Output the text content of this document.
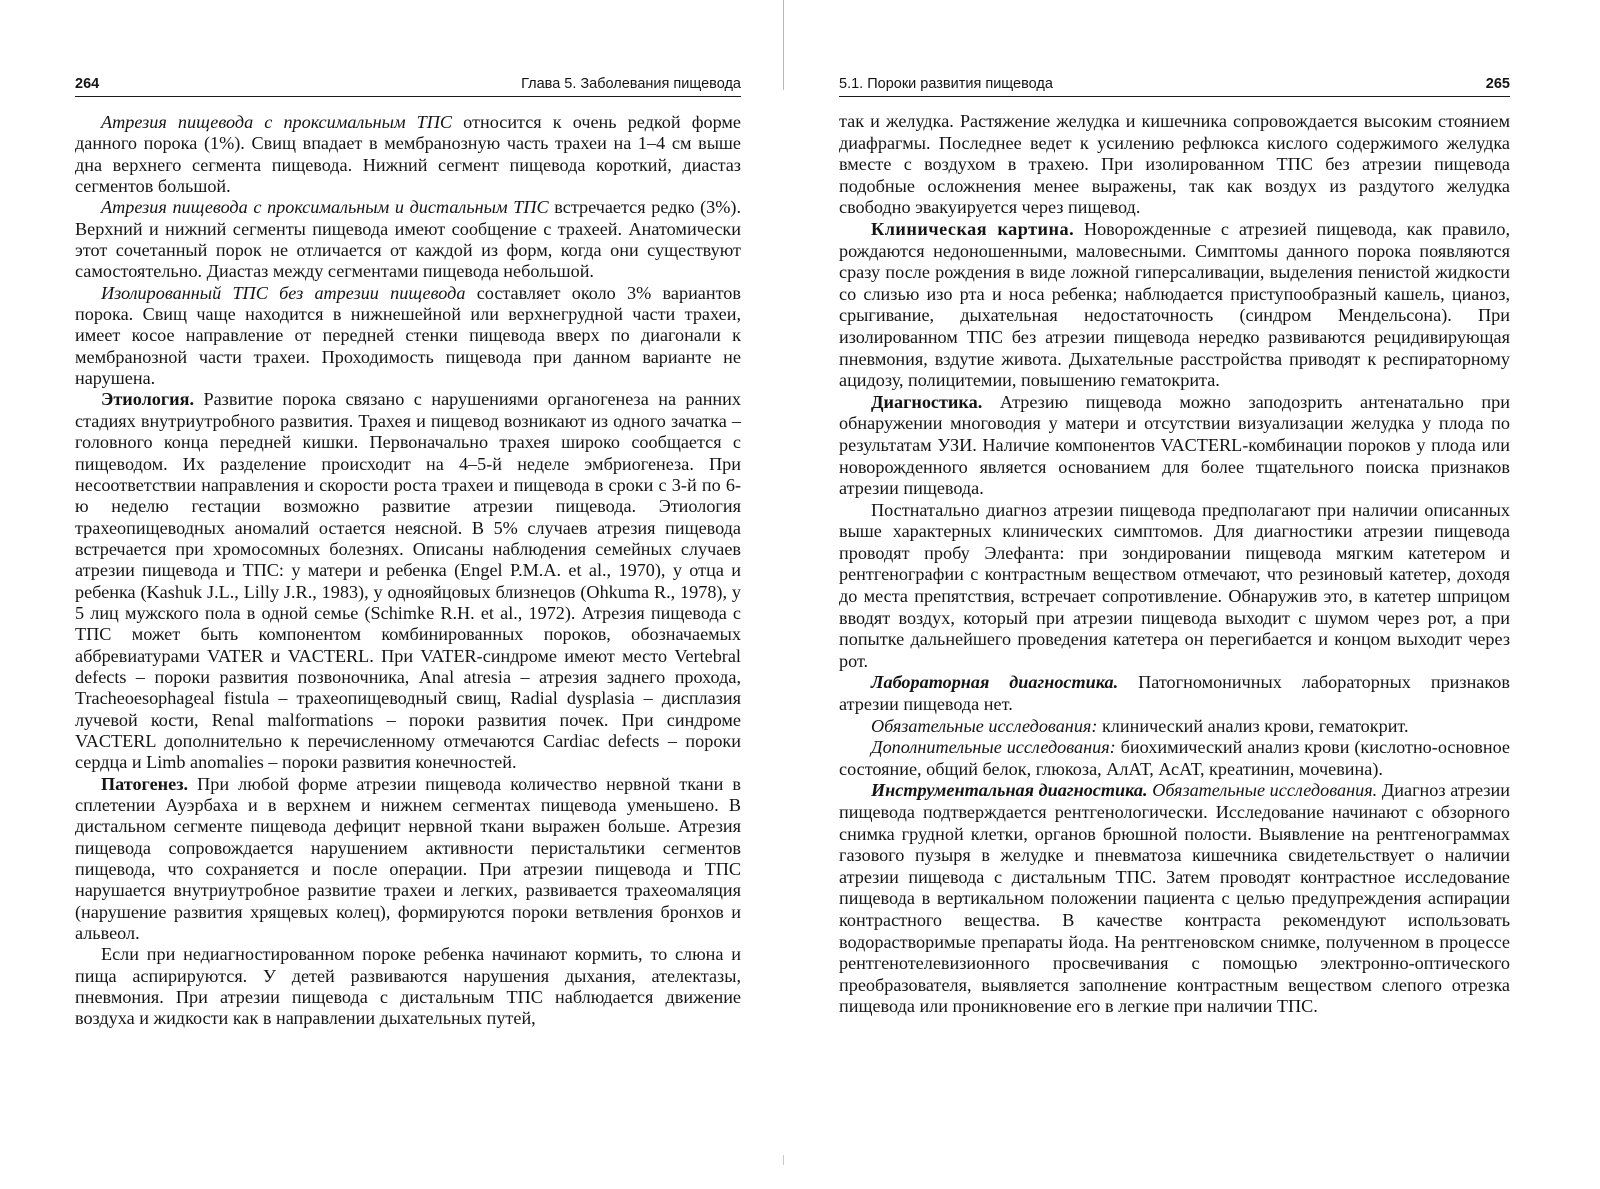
264	Глава 5. Заболевания пищевода

Атрезия пищевода с проксимальным ТПС относится к очень редкой форме данного порока (1%). Свищ впадает в мембранозную часть трахеи на 1–4 см выше дна верхнего сегмента пищевода. Нижний сегмент пищевода короткий, диастаз сегментов большой.

Атрезия пищевода с проксимальным и дистальным ТПС встречается редко (3%). Верхний и нижний сегменты пищевода имеют сообщение с трахеей. Анатомически этот сочетанный порок не отличается от каждой из форм, когда они существуют самостоятельно. Диастаз между сегментами пищевода небольшой.

Изолированный ТПС без атрезии пищевода составляет около 3% вариантов порока. Свищ чаще находится в нижнешейной или верхнегрудной части трахеи, имеет косое направление от передней стенки пищевода вверх по диагонали к мембранозной части трахеи. Проходимость пищевода при данном варианте не нарушена.

Этиология. Развитие порока связано с нарушениями органогенеза на ранних стадиях внутриутробного развития. Трахея и пищевод возникают из одного зачатка – головного конца передней кишки. Первоначально трахея широко сообщается с пищеводом. Их разделение происходит на 4–5-й неделе эмбриогенеза. При несоответствии направления и скорости роста трахеи и пищевода в сроки с 3-й по 6-ю неделю гестации возможно развитие атрезии пищевода. Этиология трахеопищеводных аномалий остается неясной. В 5% случаев атрезия пищевода встречается при хромосомных болезнях. Описаны наблюдения семейных случаев атрезии пищевода и ТПС: у матери и ребенка (Engel P.M.A. et al., 1970), у отца и ребенка (Kashuk J.L., Lilly J.R., 1983), у однояйцовых близнецов (Ohkuma R., 1978), у 5 лиц мужского пола в одной семье (Schimke R.H. et al., 1972). Атрезия пищевода с ТПС может быть компонентом комбинированных пороков, обозначаемых аббревиатурами VATER и VACTERL. При VATER-синдроме имеют место Vertebral defects – пороки развития позвоночника, Anal atresia – атрезия заднего прохода, Tracheoesophageal fistula – трахеопищеводный свищ, Radial dysplasia – дисплазия лучевой кости, Renal malformations – пороки развития почек. При синдроме VACTERL дополнительно к перечисленному отмечаются Cardiac defects – пороки сердца и Limb anomalies – пороки развития конечностей.

Патогенез. При любой форме атрезии пищевода количество нервной ткани в сплетении Ауэрбаха и в верхнем и нижнем сегментах пищевода уменьшено. В дистальном сегменте пищевода дефицит нервной ткани выражен больше. Атрезия пищевода сопровождается нарушением активности перистальтики сегментов пищевода, что сохраняется и после операции. При атрезии пищевода и ТПС нарушается внутриутробное развитие трахеи и легких, развивается трахеомаляция (нарушение развития хрящевых колец), формируются пороки ветвления бронхов и альвеол.

Если при недиагностированном пороке ребенка начинают кормить, то слюна и пища аспирируются. У детей развиваются нарушения дыхания, ателектазы, пневмония. При атрезии пищевода с дистальным ТПС наблюдается движение воздуха и жидкости как в направлении дыхательных путей,

5.1. Пороки развития пищевода	265

так и желудка. Растяжение желудка и кишечника сопровождается высоким стоянием диафрагмы. Последнее ведет к усилению рефлюкса кислого содержимого желудка вместе с воздухом в трахею. При изолированном ТПС без атрезии пищевода подобные осложнения менее выражены, так как воздух из раздутого желудка свободно эвакуируется через пищевод.

Клиническая картина. Новорожденные с атрезией пищевода, как правило, рождаются недоношенными, маловесными. Симптомы данного порока появляются сразу после рождения в виде ложной гиперсаливации, выделения пенистой жидкости со слизью изо рта и носа ребенка; наблюдается приступообразный кашель, цианоз, срыгивание, дыхательная недостаточность (синдром Мендельсона). При изолированном ТПС без атрезии пищевода нередко развиваются рецидивирующая пневмония, вздутие живота. Дыхательные расстройства приводят к респираторному ацидозу, полицитемии, повышению гематокрита.

Диагностика. Атрезию пищевода можно заподозрить антенатально при обнаружении многоводия у матери и отсутствии визуализации желудка у плода по результатам УЗИ. Наличие компонентов VACTERL-комбинации пороков у плода или новорожденного является основанием для более тщательного поиска признаков атрезии пищевода.

Постнатально диагноз атрезии пищевода предполагают при наличии описанных выше характерных клинических симптомов. Для диагностики атрезии пищевода проводят пробу Элефанта: при зондировании пищевода мягким катетером и рентгенографии с контрастным веществом отмечают, что резиновый катетер, доходя до места препятствия, встречает сопротивление. Обнаружив это, в катетер шприцом вводят воздух, который при атрезии пищевода выходит с шумом через рот, а при попытке дальнейшего проведения катетера он перегибается и концом выходит через рот.

Лабораторная диагностика. Патогномоничных лабораторных признаков атрезии пищевода нет.

Обязательные исследования: клинический анализ крови, гематокрит.

Дополнительные исследования: биохимический анализ крови (кислотно-основное состояние, общий белок, глюкоза, АлАТ, АсАТ, креатинин, мочевина).

Инструментальная диагностика. Обязательные исследования. Диагноз атрезии пищевода подтверждается рентгенологически. Исследование начинают с обзорного снимка грудной клетки, органов брюшной полости. Выявление на рентгенограммах газового пузыря в желудке и пневматоза кишечника свидетельствует о наличии атрезии пищевода с дистальным ТПС. Затем проводят контрастное исследование пищевода в вертикальном положении пациента с целью предупреждения аспирации контрастного вещества. В качестве контраста рекомендуют использовать водорастворимые препараты йода. На рентгеновском снимке, полученном в процессе рентгенотелевизионного просвечивания с помощью электронно-оптического преобразователя, выявляется заполнение контрастным веществом слепого отрезка пищевода или проникновение его в легкие при наличии ТПС.
